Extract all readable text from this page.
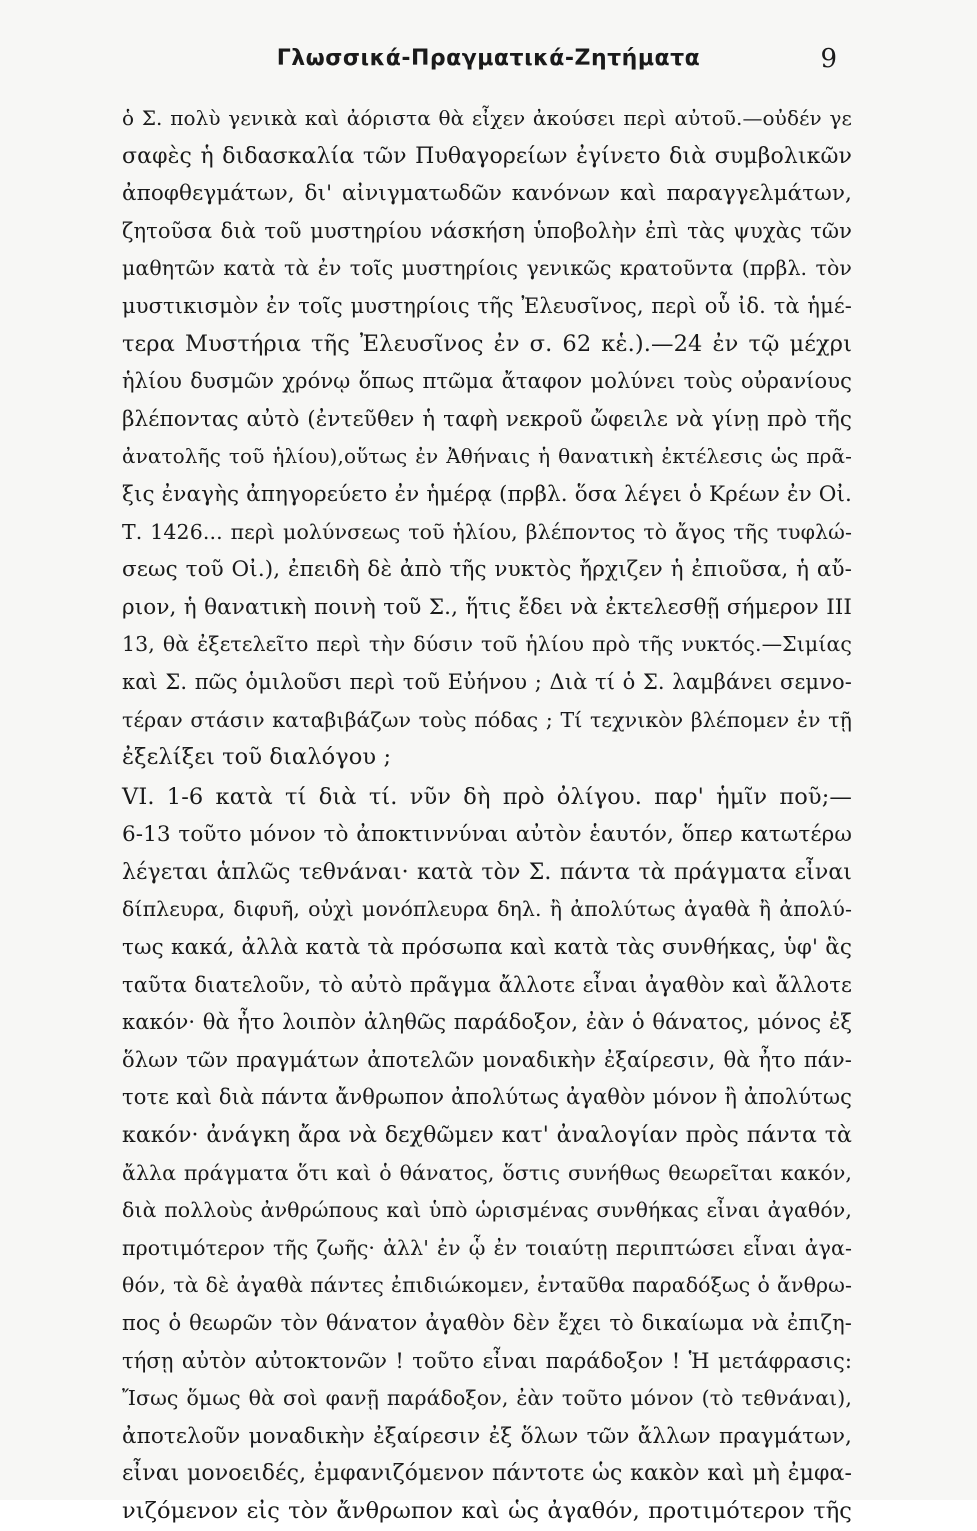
Γλωσσικά-Πραγματικά-Ζητήματα	9
ὁ Σ. πολὺ γενικὰ καὶ ἀόριστα θὰ εἶχεν ἀκούσει περὶ αὐτοῦ.—οὐδέν γε
σαφὲς ἡ διδασκαλία τῶν Πυθαγορείων ἐγίνετο διὰ συμβολικῶν
ἀποφθεγμάτων, δι' αἰνιγματωδῶν κανόνων καὶ παραγγελμάτων,
ζητοῦσα διὰ τοῦ μυστηρίου νάσκήση ὑποβολὴν ἐπὶ τὰς ψυχὰς τῶν
μαθητῶν κατὰ τὰ ἐν τοῖς μυστηρίοις γενικῶς κρατοῦντα (πρβλ. τὸν
μυστικισμὸν ἐν τοῖς μυστηρίοις τῆς Ἐλευσῖνος, περὶ οὗ ἰδ. τὰ ἡμέ-
τερα Μυστήρια τῆς Ἐλευσῖνος ἐν σ. 62 κἑ.).—24 ἐν τῷ μέχρι
ἡλίου δυσμῶν χρόνῳ ὅπως πτῶμα ἄταφον μολύνει τοὺς οὐρανίους
βλέποντας αὐτὸ (ἐντεῦθεν ἡ ταφὴ νεκροῦ ὤφειλε νὰ γίνῃ πρὸ τῆς
ἀνατολῆς τοῦ ἡλίου),οὕτως ἐν Ἀθήναις ἡ θανατικὴ ἐκτέλεσις ὡς πρᾶ-
ξις ἐναγὴς ἀπηγορεύετο ἐν ἡμέρᾳ (πρβλ. ὅσα λέγει ὁ Κρέων ἐν Οἰ.
Τ. 1426... περὶ μολύνσεως τοῦ ἡλίου, βλέποντος τὸ ἄγος τῆς τυφλώ-
σεως τοῦ Οἰ.), ἐπειδὴ δὲ ἀπὸ τῆς νυκτὸς ἤρχιζεν ἡ ἐπιοῦσα, ἡ αὔ-
ριον, ἡ θανατικὴ ποινὴ τοῦ Σ., ἥτις ἔδει νὰ ἐκτελεσθῇ σήμερον ΙΙΙ
13, θὰ ἐξετελεῖτο περὶ τὴν δύσιν τοῦ ἡλίου πρὸ τῆς νυκτός.—Σιμίας
καὶ Σ. πῶς ὁμιλοῦσι περὶ τοῦ Εὐήνου ; Διὰ τί ὁ Σ. λαμβάνει σεμνο-
τέραν στάσιν καταβιβάζων τοὺς πόδας ; Τί τεχνικὸν βλέπομεν ἐν τῇ
ἐξελίξει τοῦ διαλόγου ;
VI. 1-6 κατὰ τί διὰ τί. νῦν δὴ πρὸ ὀλίγου. παρ' ἡμῖν ποῦ;—
6-13 τοῦτο μόνον τὸ ἀποκτιννύναι αὐτὸν ἑαυτόν, ὅπερ κατωτέρω
λέγεται ἁπλῶς τεθνάναι· κατὰ τὸν Σ. πάντα τὰ πράγματα εἶναι
δίπλευρα, διφυῆ, οὐχὶ μονόπλευρα δηλ. ἢ ἀπολύτως ἀγαθὰ ἢ ἀπολύ-
τως κακά, ἀλλὰ κατὰ τὰ πρόσωπα καὶ κατὰ τὰς συνθήκας, ὑφ' ἃς
ταῦτα διατελοῦν, τὸ αὐτὸ πρᾶγμα ἄλλοτε εἶναι ἀγαθὸν καὶ ἄλλοτε
κακόν· θὰ ἦτο λοιπὸν ἀληθῶς παράδοξον, ἐὰν ὁ θάνατος, μόνος ἐξ
ὅλων τῶν πραγμάτων ἀποτελῶν μοναδικὴν ἐξαίρεσιν, θὰ ἦτο πάν-
τοτε καὶ διὰ πάντα ἄνθρωπον ἀπολύτως ἀγαθὸν μόνον ἢ ἀπολύτως
κακόν· ἀνάγκη ἄρα νὰ δεχθῶμεν κατ' ἀναλογίαν πρὸς πάντα τὰ
ἄλλα πράγματα ὅτι καὶ ὁ θάνατος, ὅστις συνήθως θεωρεῖται κακόν,
διὰ πολλοὺς ἀνθρώπους καὶ ὑπὸ ὡρισμένας συνθήκας εἶναι ἀγαθόν,
προτιμότερον τῆς ζωῆς· ἀλλ' ἐν ᾧ ἐν τοιαύτῃ περιπτώσει εἶναι ἀγα-
θόν, τὰ δὲ ἀγαθὰ πάντες ἐπιδιώκομεν, ἐνταῦθα παραδόξως ὁ ἄνθρω-
πος ὁ θεωρῶν τὸν θάνατον ἀγαθὸν δὲν ἔχει τὸ δικαίωμα νὰ ἐπιζη-
τήσῃ αὐτὸν αὐτοκτονῶν ! τοῦτο εἶναι παράδοξον ! Ἡ μετάφρασις:
Ἴσως ὅμως θὰ σοὶ φανῇ παράδοξον, ἐὰν τοῦτο μόνον (τὸ τεθνάναι),
ἀποτελοῦν μοναδικὴν ἐξαίρεσιν ἐξ ὅλων τῶν ἄλλων πραγμάτων,
εἶναι μονοειδές, ἐμφανιζόμενον πάντοτε ὡς κακὸν καὶ μὴ ἐμφα-
νιζόμενον εἰς τὸν ἄνθρωπον καὶ ὡς ἀγαθόν, προτιμότερον τῆς
